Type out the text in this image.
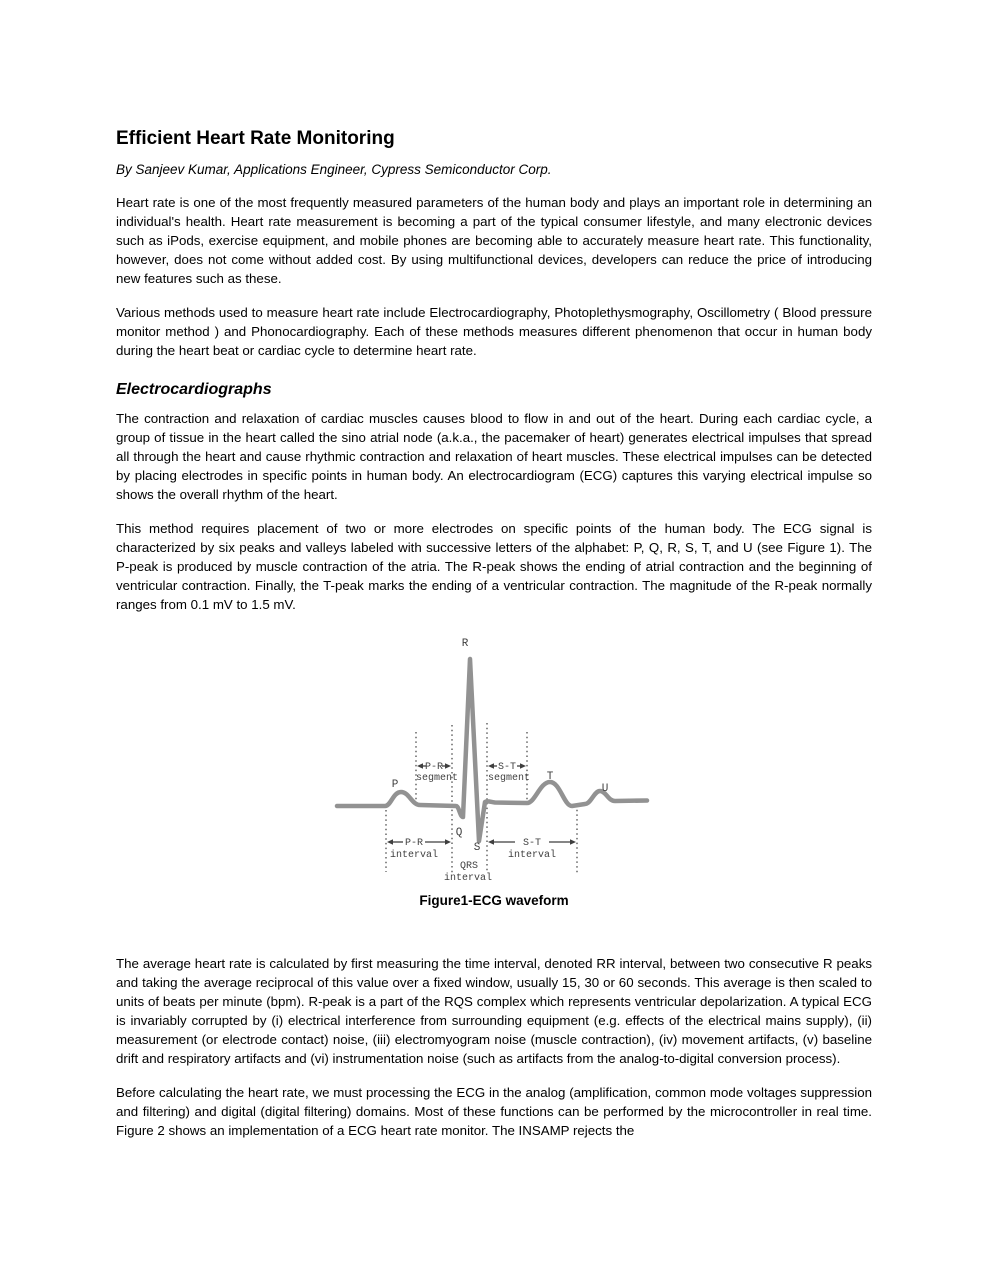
Efficient Heart Rate Monitoring

By Sanjeev Kumar, Applications Engineer, Cypress Semiconductor Corp.

Heart rate is one of the most frequently measured parameters of the human body and plays an important role in determining an individual's health. Heart rate measurement is becoming a part of the typical consumer lifestyle, and many electronic devices such as iPods, exercise equipment, and mobile phones are becoming able to accurately measure heart rate. This functionality, however, does not come without added cost. By using multifunctional devices, developers can reduce the price of introducing new features such as these.

Various methods used to measure heart rate include Electrocardiography, Photoplethysmography, Oscillometry ( Blood pressure monitor method ) and Phonocardiography. Each of these methods measures different phenomenon that occur in human body during the heart beat or cardiac cycle to determine heart rate.

Electrocardiographs

The contraction and relaxation of cardiac muscles causes blood to flow in and out of the heart. During each cardiac cycle, a group of tissue in the heart called the sino atrial node (a.k.a., the pacemaker of heart) generates electrical impulses that spread all through the heart and cause rhythmic contraction and relaxation of heart muscles. These electrical impulses can be detected by placing electrodes in specific points in human body. An electrocardiogram (ECG) captures this varying electrical impulse so shows the overall rhythm of the heart.

This method requires placement of two or more electrodes on specific points of the human body. The ECG signal is characterized by six peaks and valleys labeled with successive letters of the alphabet: P, Q, R, S, T, and U (see Figure 1). The P-peak is produced by muscle contraction of the atria. The R-peak shows the ending of atrial contraction and the beginning of ventricular contraction. Finally, the T-peak marks the ending of a ventricular contraction. The magnitude of the R-peak normally ranges from 0.1 mV to 1.5 mV.

R
P
Q
S
T
U
P-R
segment
S-T
segment
P-R
interval
QRS
interval
S-T
interval
Figure1-ECG waveform

The average heart rate is calculated by first measuring the time interval, denoted RR interval, between two consecutive R peaks and taking the average reciprocal of this value over a fixed window, usually 15, 30 or 60 seconds. This average is then scaled to units of beats per minute (bpm). R-peak is a part of the RQS complex which represents ventricular depolarization. A typical ECG is invariably corrupted by (i) electrical interference from surrounding equipment (e.g. effects of the electrical mains supply), (ii) measurement (or electrode contact) noise, (iii) electromyogram noise (muscle contraction), (iv) movement artifacts, (v) baseline drift and respiratory artifacts and (vi) instrumentation noise (such as artifacts from the analog-to-digital conversion process).

Before calculating the heart rate, we must processing the ECG in the analog (amplification, common mode voltages suppression and filtering) and digital (digital filtering) domains. Most of these functions can be performed by the microcontroller in real time. Figure 2 shows an implementation of a ECG heart rate monitor. The INSAMP rejects the
